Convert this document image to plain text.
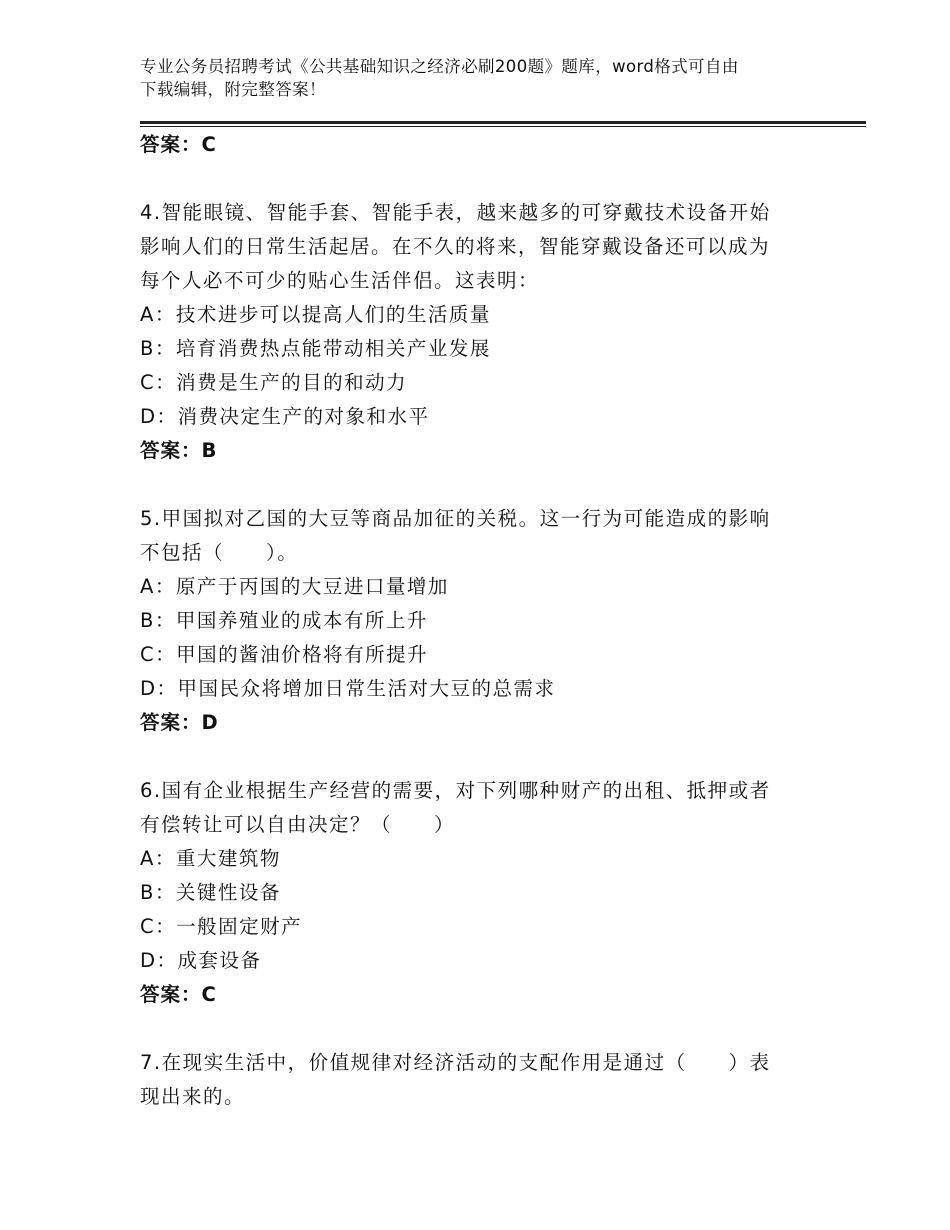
专业公务员招聘考试《公共基础知识之经济必刷200题》题库，word格式可自由
下载编辑，附完整答案！
答案：C
4.智能眼镜、智能手套、智能手表，越来越多的可穿戴技术设备开始
影响人们的日常生活起居。在不久的将来，智能穿戴设备还可以成为
每个人必不可少的贴心生活伴侣。这表明：
A：技术进步可以提高人们的生活质量
B：培育消费热点能带动相关产业发展
C：消费是生产的目的和动力
D：消费决定生产的对象和水平
答案：B
5.甲国拟对乙国的大豆等商品加征的关税。这一行为可能造成的影响
不包括（　　）。
A：原产于丙国的大豆进口量增加
B：甲国养殖业的成本有所上升
C：甲国的酱油价格将有所提升
D：甲国民众将增加日常生活对大豆的总需求
答案：D
6.国有企业根据生产经营的需要，对下列哪种财产的出租、抵押或者
有偿转让可以自由决定？（　　）
A：重大建筑物
B：关键性设备
C：一般固定财产
D：成套设备
答案：C
7.在现实生活中，价值规律对经济活动的支配作用是通过（　　）表
现出来的。
